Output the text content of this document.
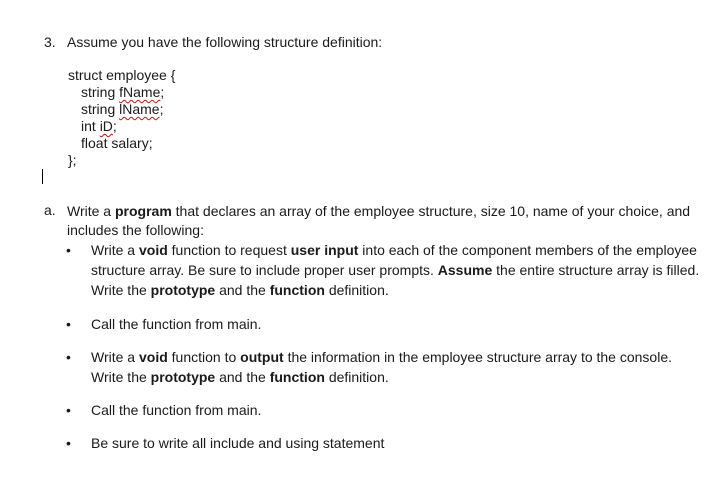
3. Assume you have the following structure definition:
struct employee {
string fName;
string lName;
int iD;
float salary;
};
a. Write a program that declares an array of the employee structure, size 10, name of your choice, and includes the following:
•	Write a void function to request user input into each of the component members of the employee structure array. Be sure to include proper user prompts. Assume the entire structure array is filled. Write the prototype and the function definition.
•	Call the function from main.
•	Write a void function to output the information in the employee structure array to the console. Write the prototype and the function definition.
•	Call the function from main.
•	Be sure to write all include and using statement
